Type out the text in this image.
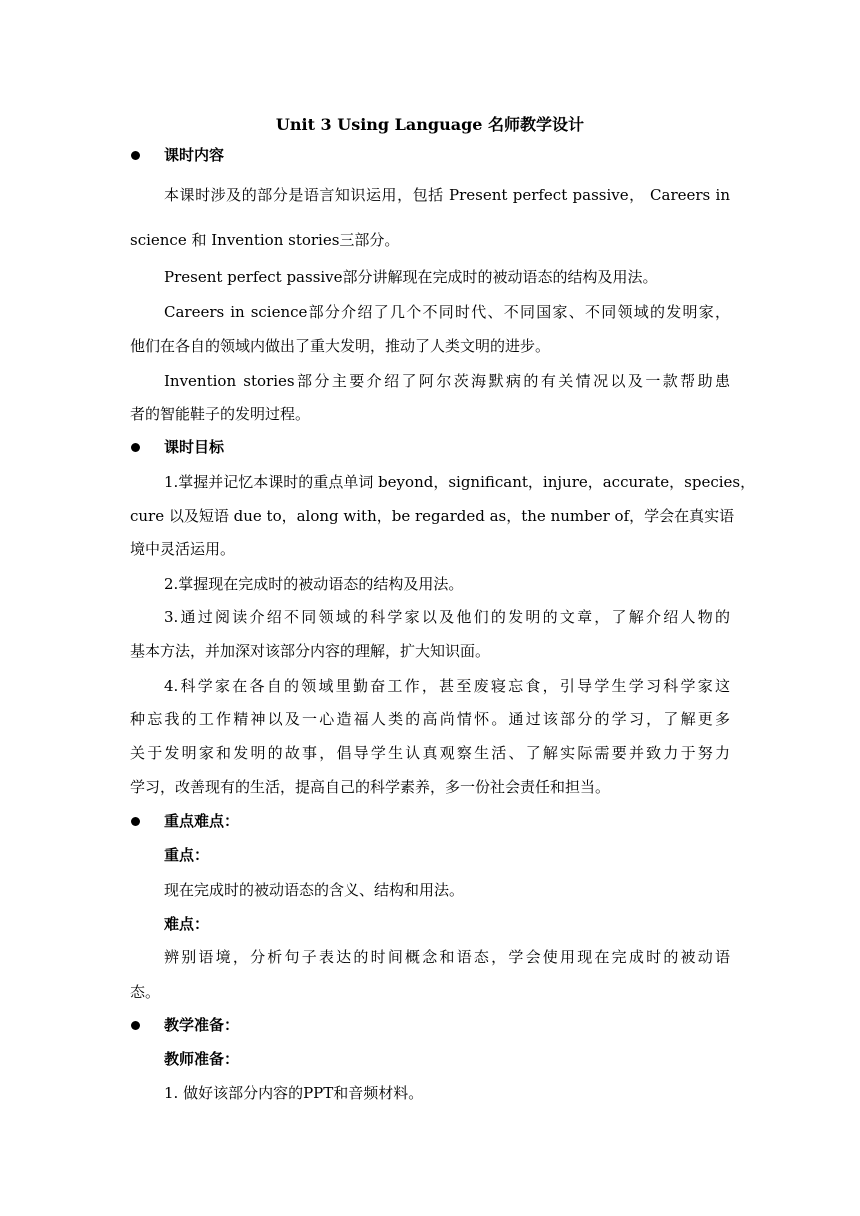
Unit 3 Using Language 名师教学设计
课时内容
本课时涉及的部分是语言知识运用，包括 Present perfect passive， Careers in
science 和 Invention stories三部分。
Present perfect passive部分讲解现在完成时的被动语态的结构及用法。
Careers in science部分介绍了几个不同时代、不同国家、不同领域的发明家，
他们在各自的领域内做出了重大发明，推动了人类文明的进步。
Invention stories部分主要介绍了阿尔茨海默病的有关情况以及一款帮助患
者的智能鞋子的发明过程。
课时目标
1.掌握并记忆本课时的重点单词 beyond，significant，injure，accurate，species，
cure 以及短语 due to，along with，be regarded as，the number of，学会在真实语
境中灵活运用。
2.掌握现在完成时的被动语态的结构及用法。
3.通过阅读介绍不同领域的科学家以及他们的发明的文章，了解介绍人物的
基本方法，并加深对该部分内容的理解，扩大知识面。
4.科学家在各自的领域里勤奋工作，甚至废寝忘食，引导学生学习科学家这
种忘我的工作精神以及一心造福人类的高尚情怀。通过该部分的学习，了解更多
关于发明家和发明的故事，倡导学生认真观察生活、了解实际需要并致力于努力
学习，改善现有的生活，提高自己的科学素养，多一份社会责任和担当。
重点难点：
重点：
现在完成时的被动语态的含义、结构和用法。
难点：
辨别语境，分析句子表达的时间概念和语态，学会使用现在完成时的被动语
态。
教学准备：
教师准备：
1. 做好该部分内容的PPT和音频材料。
